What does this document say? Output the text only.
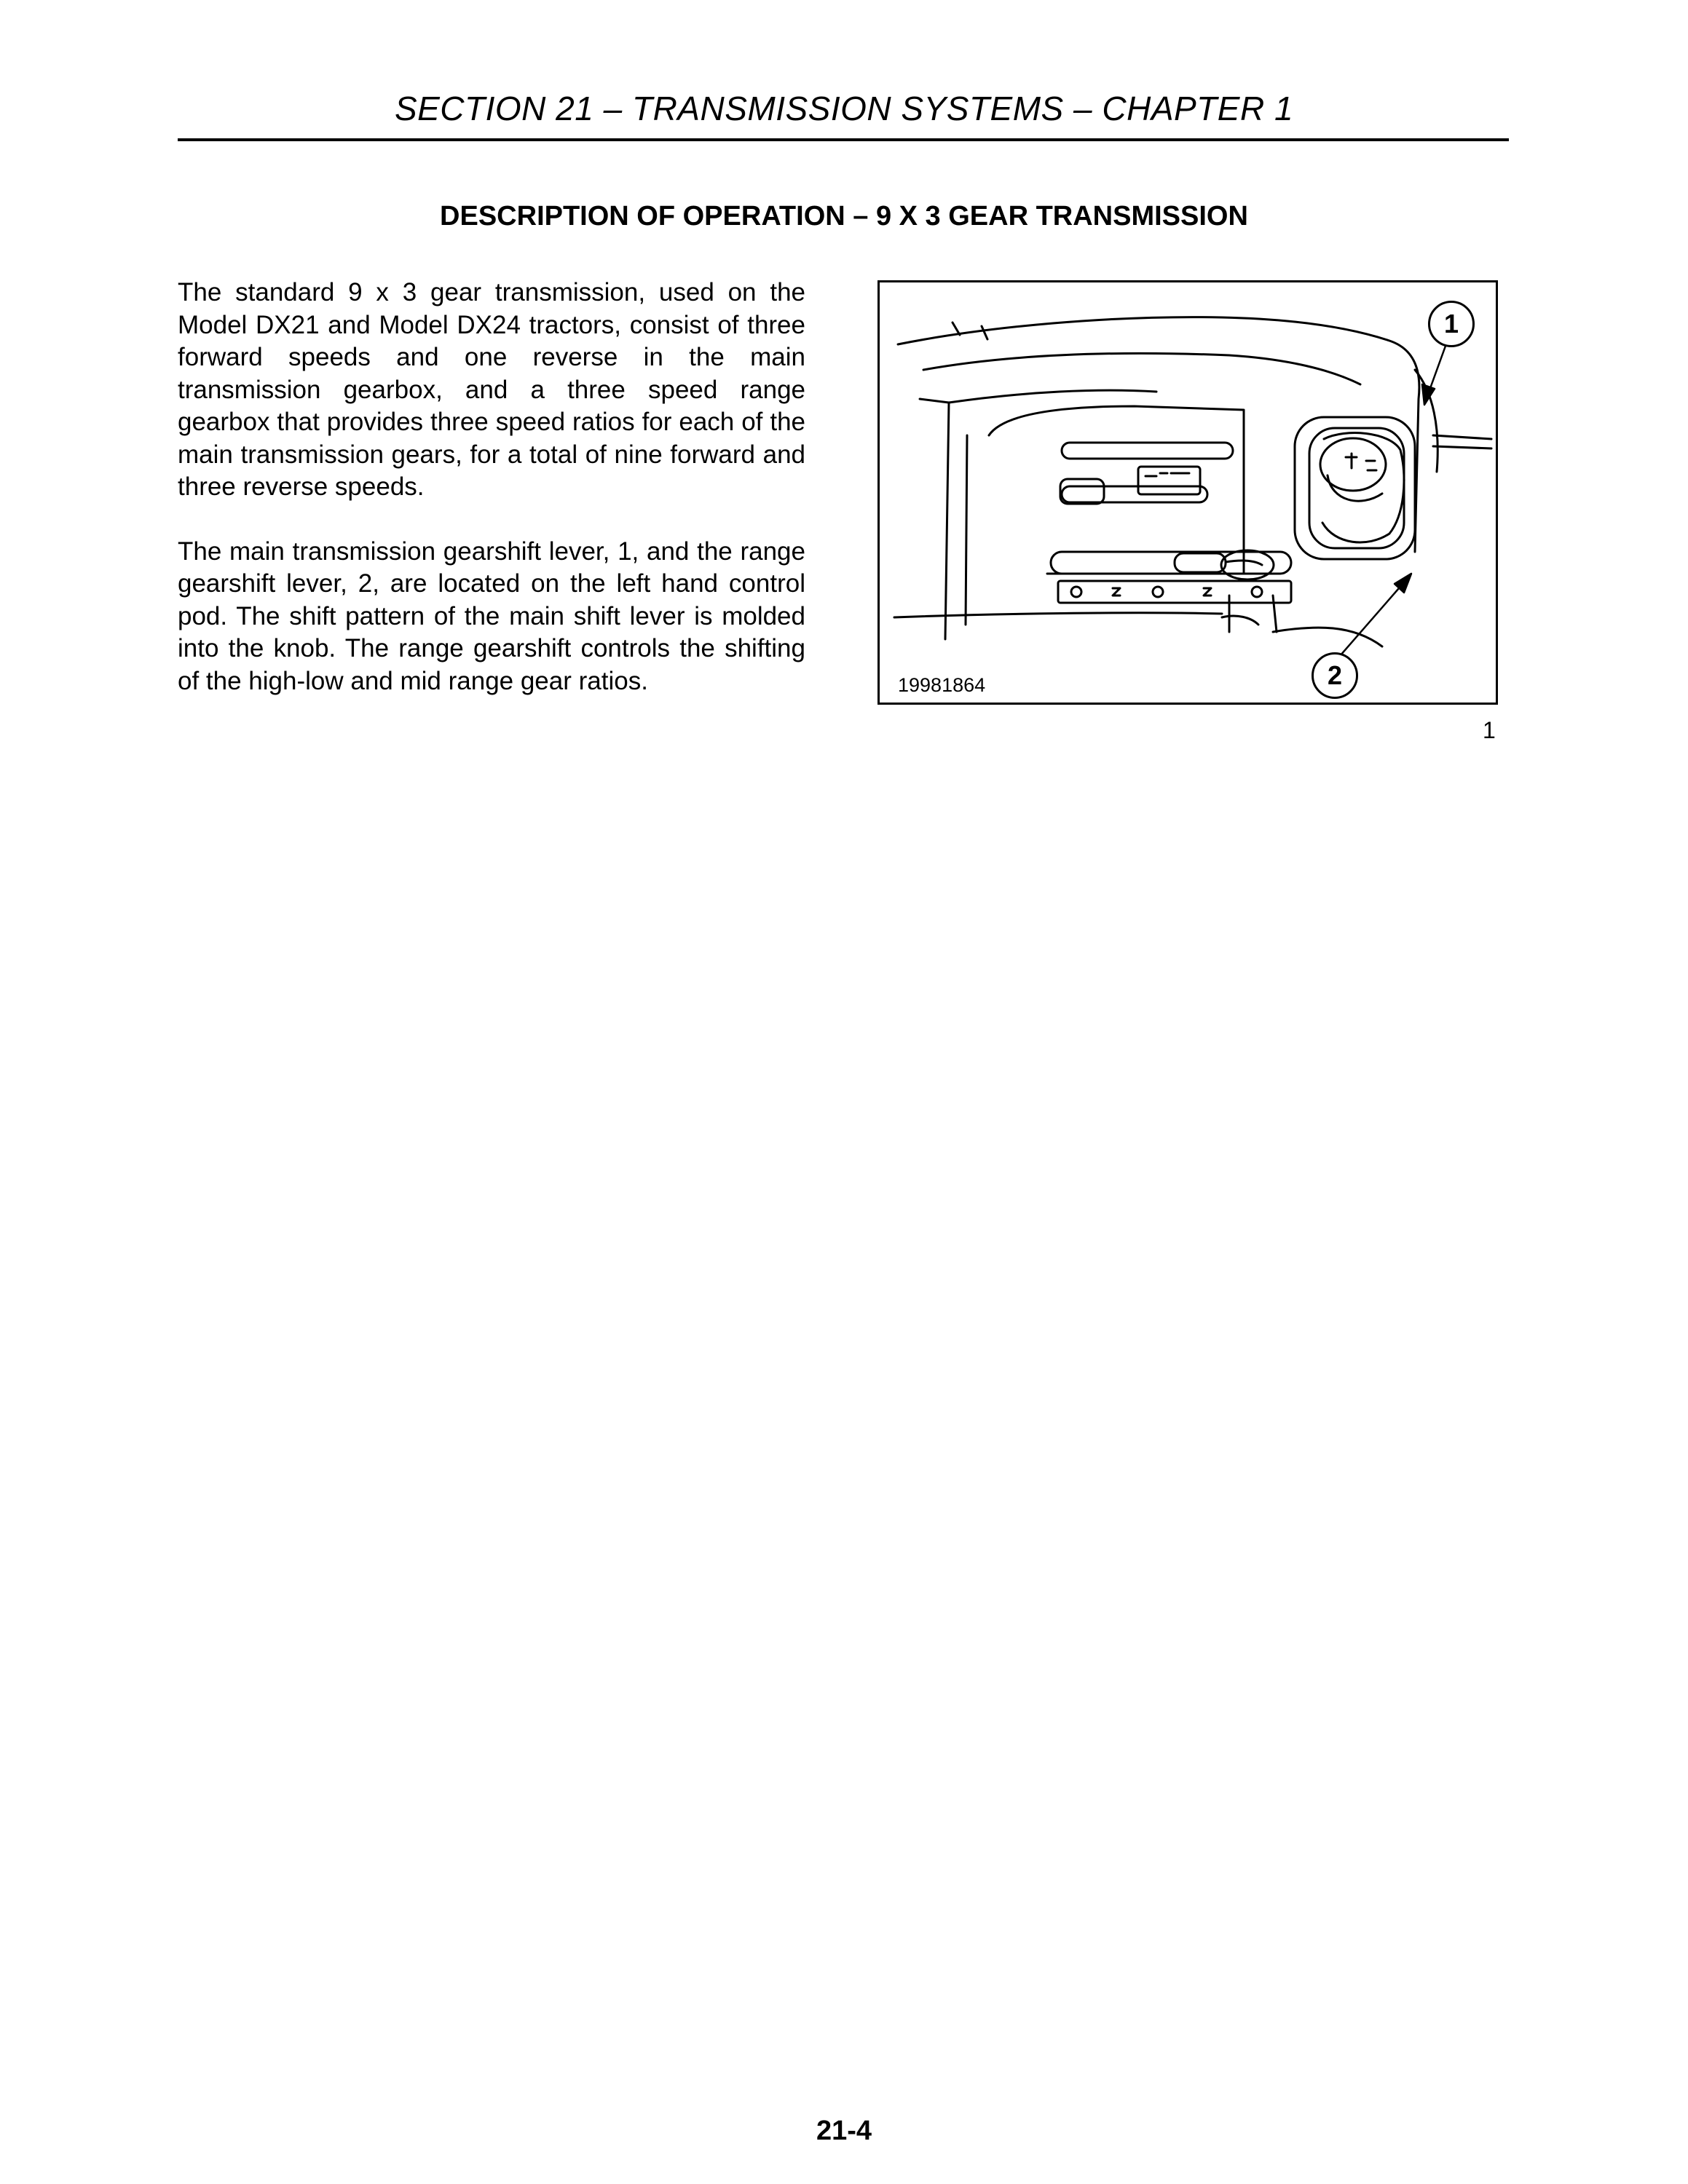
SECTION 21 – TRANSMISSION SYSTEMS – CHAPTER 1
DESCRIPTION OF OPERATION – 9 X 3 GEAR TRANSMISSION

The standard 9 x 3 gear transmission, used on the Model DX21 and Model DX24 tractors, consist of three forward speeds and one reverse in the main transmission gearbox, and a three speed range gearbox that provides three speed ratios for each of the main transmission gears, for a total of nine forward and three reverse speeds.

The main transmission gearshift lever, 1, and the range gearshift lever, 2, are located on the left hand control pod. The shift pattern of the main shift lever is molded into the knob. The range gearshift controls the shifting of the high-low and mid range gear ratios.

1
2
19981864
1
21-4
